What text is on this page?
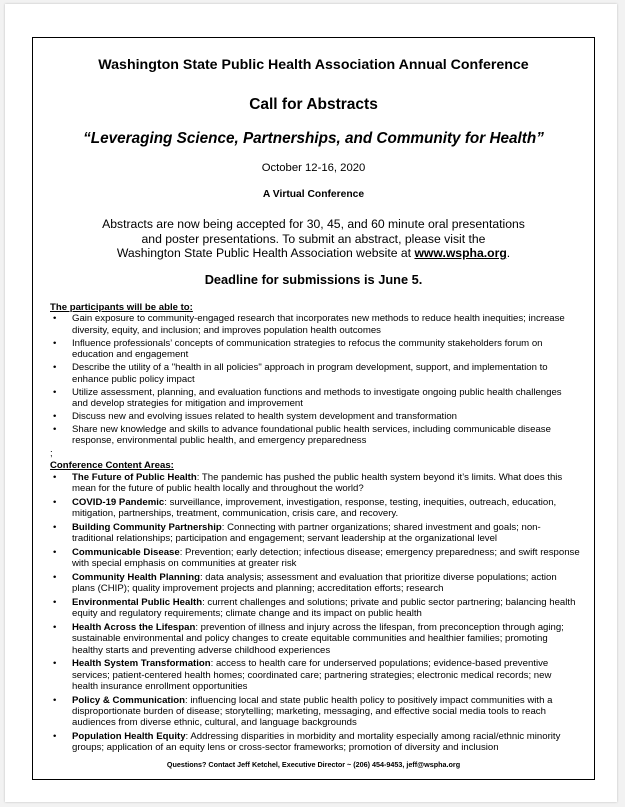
Washington State Public Health Association Annual Conference
Call for Abstracts
“Leveraging Science, Partnerships, and Community for Health”
October 12-16, 2020
A Virtual Conference
Abstracts are now being accepted for 30, 45, and 60 minute oral presentations
and poster presentations. To submit an abstract, please visit the
Washington State Public Health Association website at www.wspha.org.
Deadline for submissions is June 5.
The participants will be able to:
• Gain exposure to community-engaged research that incorporates new methods to reduce health inequities; increase diversity, equity, and inclusion; and improves population health outcomes
• Influence professionals’ concepts of communication strategies to refocus the community stakeholders forum on education and engagement
• Describe the utility of a "health in all policies" approach in program development, support, and implementation to enhance public policy impact
• Utilize assessment, planning, and evaluation functions and methods to investigate ongoing public health challenges and develop strategies for mitigation and improvement
• Discuss new and evolving issues related to health system development and transformation
• Share new knowledge and skills to advance foundational public health services, including communicable disease response, environmental public health, and emergency preparedness
;
Conference Content Areas:
• The Future of Public Health: The pandemic has pushed the public health system beyond it’s limits. What does this mean for the future of public health locally and throughout the world?
• COVID-19 Pandemic: surveillance, improvement, investigation, response, testing, inequities, outreach, education, mitigation, partnerships, treatment, communication, crisis care, and recovery.
• Building Community Partnership: Connecting with partner organizations; shared investment and goals; non-traditional relationships; participation and engagement; servant leadership at the organizational level
• Communicable Disease: Prevention; early detection; infectious disease; emergency preparedness; and swift response with special emphasis on communities at greater risk
• Community Health Planning: data analysis; assessment and evaluation that prioritize diverse populations; action plans (CHIP); quality improvement projects and planning; accreditation efforts; research
• Environmental Public Health: current challenges and solutions; private and public sector partnering; balancing health equity and regulatory requirements; climate change and its impact on public health
• Health Across the Lifespan: prevention of illness and injury across the lifespan, from preconception through aging; sustainable environmental and policy changes to create equitable communities and healthier families; promoting healthy starts and preventing adverse childhood experiences
• Health System Transformation: access to health care for underserved populations; evidence-based preventive services; patient-centered health homes; coordinated care; partnering strategies; electronic medical records; new health insurance enrollment opportunities
• Policy & Communication: influencing local and state public health policy to positively impact communities with a disproportionate burden of disease; storytelling; marketing, messaging, and effective social media tools to reach audiences from diverse ethnic, cultural, and language backgrounds
• Population Health Equity: Addressing disparities in morbidity and mortality especially among racial/ethnic minority groups; application of an equity lens or cross-sector frameworks; promotion of diversity and inclusion
Questions? Contact Jeff Ketchel, Executive Director ~ (206) 454-9453, jeff@wspha.org
